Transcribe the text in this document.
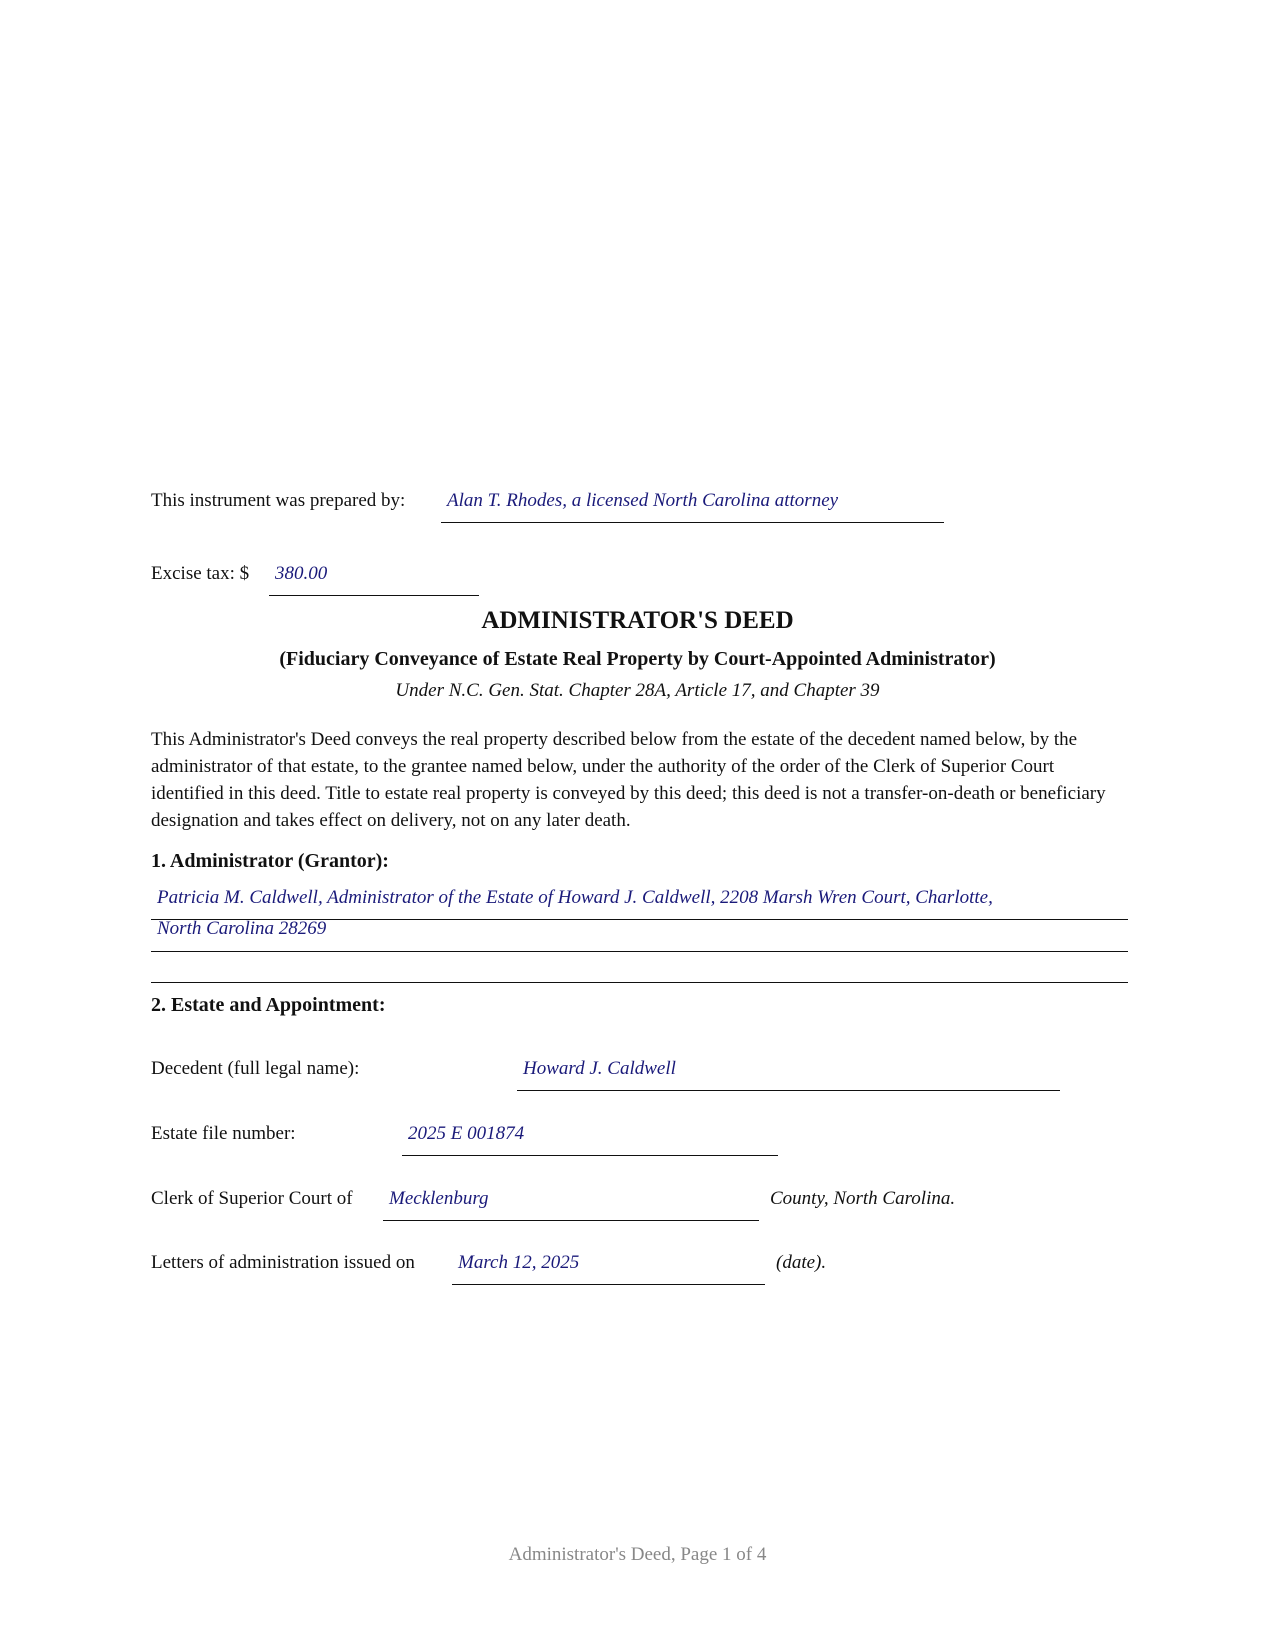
This instrument was prepared by:	Alan T. Rhodes, a licensed North Carolina attorney
Excise tax: $	380.00
ADMINISTRATOR'S DEED
(Fiduciary Conveyance of Estate Real Property by Court-Appointed Administrator)
Under N.C. Gen. Stat. Chapter 28A, Article 17, and Chapter 39
This Administrator's Deed conveys the real property described below from the estate of the decedent named below, by the administrator of that estate, to the grantee named below, under the authority of the order of the Clerk of Superior Court identified in this deed. Title to estate real property is conveyed by this deed; this deed is not a transfer-on-death or beneficiary designation and takes effect on delivery, not on any later death.
1. Administrator (Grantor):
Patricia M. Caldwell, Administrator of the Estate of Howard J. Caldwell, 2208 Marsh Wren Court, Charlotte,
North Carolina 28269
2. Estate and Appointment:
Decedent (full legal name):	Howard J. Caldwell
Estate file number:	2025 E 001874
Clerk of Superior Court of	Mecklenburg	County, North Carolina.
Letters of administration issued on	March 12, 2025	(date).
Administrator's Deed, Page 1 of 4
